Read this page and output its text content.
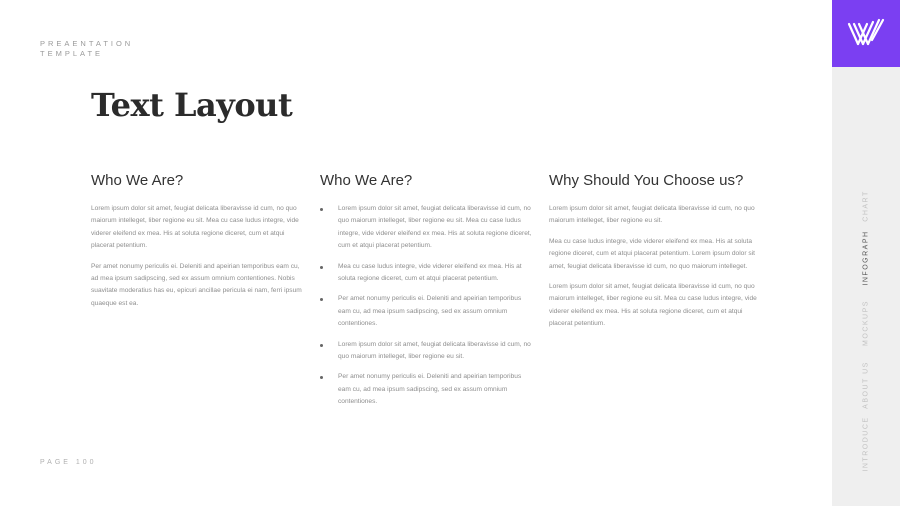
PREAENTATION
TEMPLATE
Text Layout
Who We Are?

Lorem ipsum dolor sit amet, feugiat delicata liberavisse id cum, no quo maiorum intelleget, liber regione eu sit. Mea cu case ludus integre, vide viderer eleifend ex mea. His at soluta regione diceret, cum et atqui placerat petentium.

Per amet nonumy periculis ei. Deleniti and apeirian temporibus eam cu, ad mea ipsum sadipscing, sed ex assum omnium contentiones. Nobis suavitate moderatius has eu, epicuri ancillae pericula ei nam, ferri ipsum quaeque est ea.

Who We Are?
Lorem ipsum dolor sit amet, feugiat delicata liberavisse id cum, no quo maiorum intelleget, liber regione eu sit. Mea cu case ludus integre, vide viderer eleifend ex mea. His at soluta regione diceret, cum et atqui placerat petentium.
Mea cu case ludus integre, vide viderer eleifend ex mea. His at soluta regione diceret, cum et atqui placerat petentium.
Per amet nonumy periculis ei. Deleniti and apeirian temporibus eam cu, ad mea ipsum sadipscing, sed ex assum omnium contentiones.
Lorem ipsum dolor sit amet, feugiat delicata liberavisse id cum, no quo maiorum intelleget, liber regione eu sit.
Per amet nonumy periculis ei. Deleniti and apeirian temporibus eam cu, ad mea ipsum sadipscing, sed ex assum omnium contentiones.
Why Should You Choose us?

Lorem ipsum dolor sit amet, feugiat delicata liberavisse id cum, no quo maiorum intelleget, liber regione eu sit.

Mea cu case ludus integre, vide viderer eleifend ex mea. His at soluta regione diceret, cum et atqui placerat petentium. Lorem ipsum dolor sit amet, feugiat delicata liberavisse id cum, no quo maiorum intelleget.

Lorem ipsum dolor sit amet, feugiat delicata liberavisse id cum, no quo maiorum intelleget, liber regione eu sit. Mea cu case ludus integre, vide viderer eleifend ex mea. His at soluta regione diceret, cum et atqui placerat petentium.

PAGE 100
CHART
INFOGRAPH
MOCKUPS
ABOUT US
INTRODUCE
